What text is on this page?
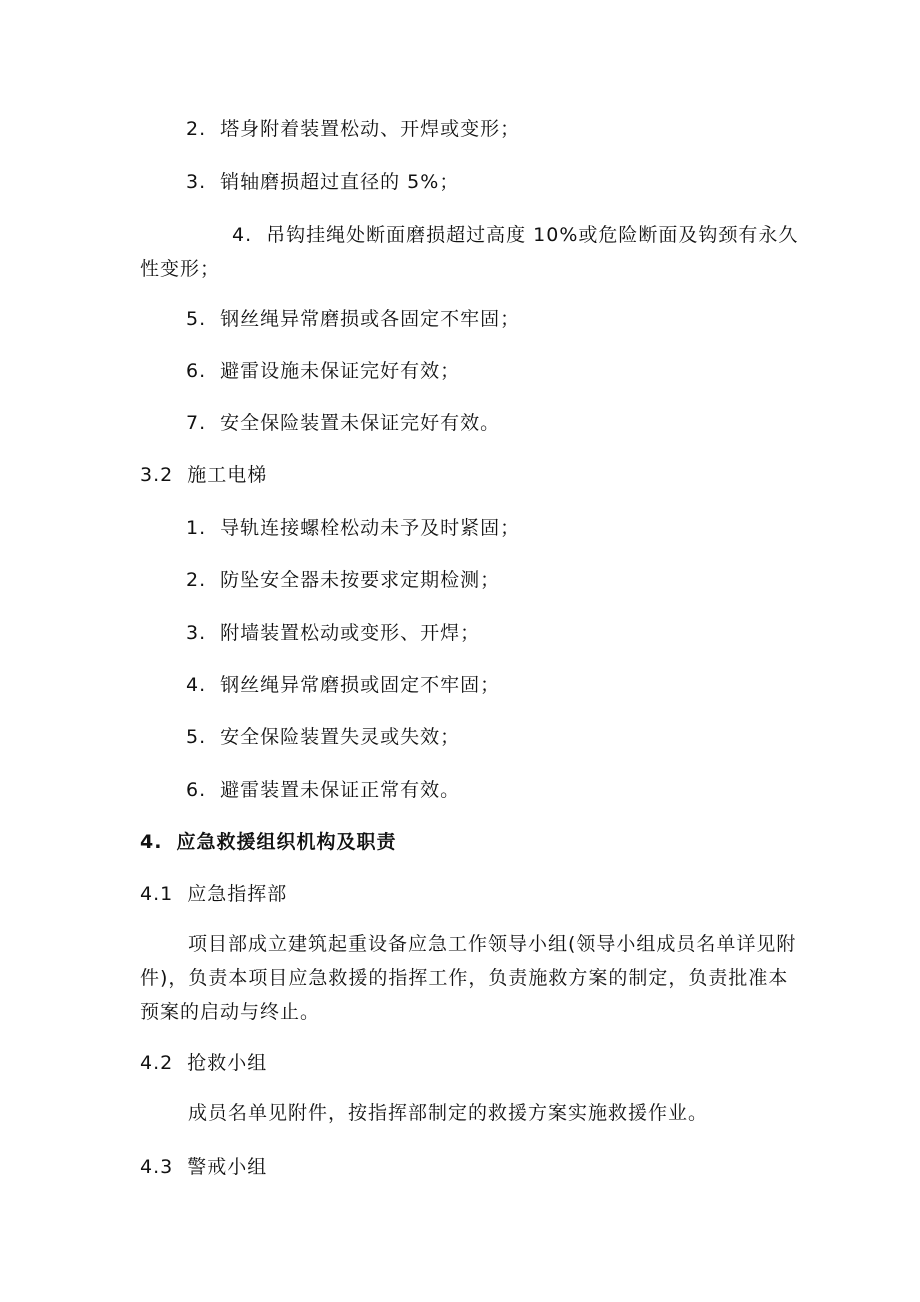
2. 塔身附着装置松动、开焊或变形；
3. 销轴磨损超过直径的 5%；
4. 吊钩挂绳处断面磨损超过高度 10%或危险断面及钩颈有永久性变形；
5. 钢丝绳异常磨损或各固定不牢固；
6. 避雷设施未保证完好有效；
7. 安全保险装置未保证完好有效。
3.2 施工电梯
1. 导轨连接螺栓松动未予及时紧固；
2. 防坠安全器未按要求定期检测；
3. 附墙装置松动或变形、开焊；
4. 钢丝绳异常磨损或固定不牢固；
5. 安全保险装置失灵或失效；
6. 避雷装置未保证正常有效。
4. 应急救援组织机构及职责
4.1 应急指挥部
项目部成立建筑起重设备应急工作领导小组(领导小组成员名单详见附件)，负责本项目应急救援的指挥工作，负责施救方案的制定，负责批准本预案的启动与终止。
4.2 抢救小组
成员名单见附件，按指挥部制定的救援方案实施救援作业。
4.3 警戒小组
